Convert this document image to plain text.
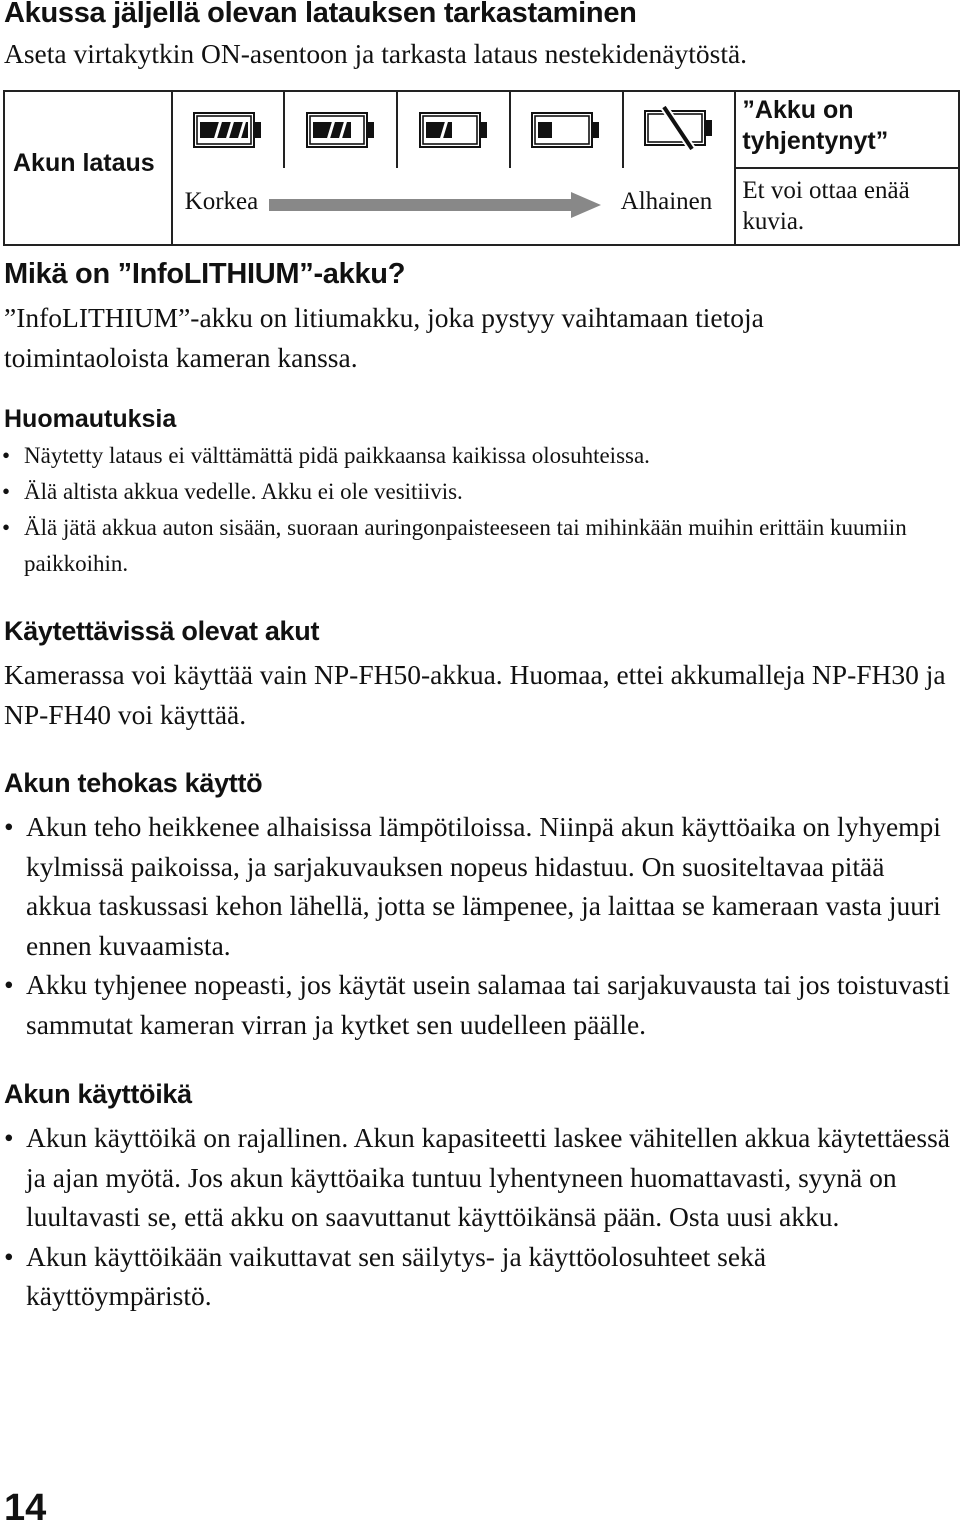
Akussa jäljellä olevan latauksen tarkastaminen
Aseta virtakytkin ON-asentoon ja tarkasta lataus nestekidenäytöstä.
Akun lataus						”Akku on tyhjentynyt”

	Korkea Alhainen					Et voi ottaa enää kuvia.
Mikä on ”InfoLITHIUM”-akku?
”InfoLITHIUM”-akku on litiumakku, joka pystyy vaihtamaan tietoja toimintaoloista kameran kanssa.
Huomautuksia
• Näytetty lataus ei välttämättä pidä paikkaansa kaikissa olosuhteissa.
• Älä altista akkua vedelle. Akku ei ole vesitiivis.
• Älä jätä akkua auton sisään, suoraan auringonpaisteeseen tai mihinkään muihin erittäin kuumiin paikkoihin.
Käytettävissä olevat akut
Kamerassa voi käyttää vain NP-FH50-akkua. Huomaa, ettei akkumalleja NP-FH30 ja NP-FH40 voi käyttää.
Akun tehokas käyttö
• Akun teho heikkenee alhaisissa lämpötiloissa. Niinpä akun käyttöaika on lyhyempi kylmissä paikoissa, ja sarjakuvauksen nopeus hidastuu. On suositeltavaa pitää akkua taskussasi kehon lähellä, jotta se lämpenee, ja laittaa se kameraan vasta juuri ennen kuvaamista.
• Akku tyhjenee nopeasti, jos käytät usein salamaa tai sarjakuvausta tai jos toistuvasti sammutat kameran virran ja kytket sen uudelleen päälle.
Akun käyttöikä
• Akun käyttöikä on rajallinen. Akun kapasiteetti laskee vähitellen akkua käytettäessä ja ajan myötä. Jos akun käyttöaika tuntuu lyhentyneen huomattavasti, syynä on luultavasti se, että akku on saavuttanut käyttöikänsä pään. Osta uusi akku.
• Akun käyttöikään vaikuttavat sen säilytys- ja käyttöolosuhteet sekä käyttöympäristö.
14
